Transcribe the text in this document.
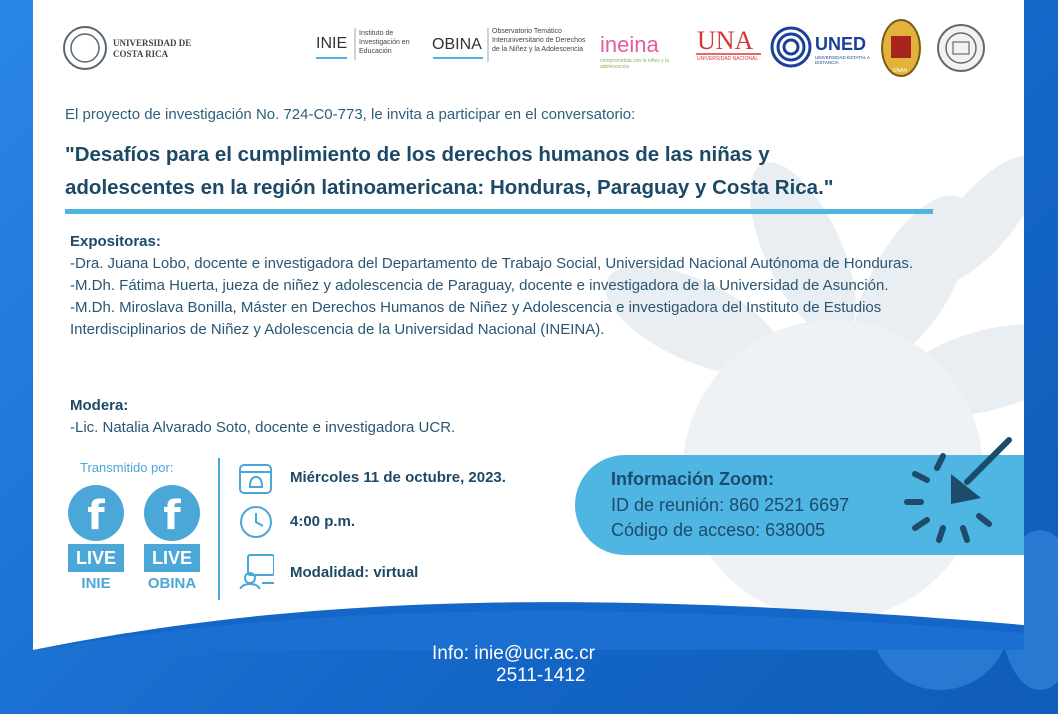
UNIVERSIDAD DE COSTA RICA
INIE
Instituto de Investigación en Educación	OBINA
Observatorio Temático Interuniversitario de Derechos de la Niñez y la Adolescencia ineina
comprometida con la niñez y la adolescencia
UNA
UNIVERSIDAD NACIONAL
UNED
UNIVERSIDAD ESTATAL A DISTANCIA
UNAH
El proyecto de investigación No. 724-C0-773, le invita a participar en el conversatorio:
"Desafíos para el cumplimiento de los derechos humanos de las niñas y
adolescentes en la región latinoamericana: Honduras, Paraguay y Costa Rica."
Expositoras:
-Dra. Juana Lobo, docente e investigadora del Departamento de Trabajo Social, Universidad Nacional Autónoma de Honduras.
-M.Dh. Fátima Huerta, jueza de niñez y adolescencia de Paraguay, docente e investigadora de la Universidad de Asunción.
-M.Dh. Miroslava Bonilla, Máster en Derechos Humanos de Niñez y Adolescencia e investigadora del Instituto de Estudios Interdisciplinarios de Niñez y Adolescencia de la Universidad Nacional (INEINA).
Modera:
-Lic. Natalia Alvarado Soto, docente e investigadora UCR.
Transmitido por:
f
LIVE
INIE
f
LIVE
OBINA
Miércoles 11 de octubre, 2023.
4:00 p.m.
Modalidad: virtual
Información Zoom:
ID de reunión: 860 2521 6697
Código de acceso: 638005
Info: inie@ucr.ac.cr
2511-1412
